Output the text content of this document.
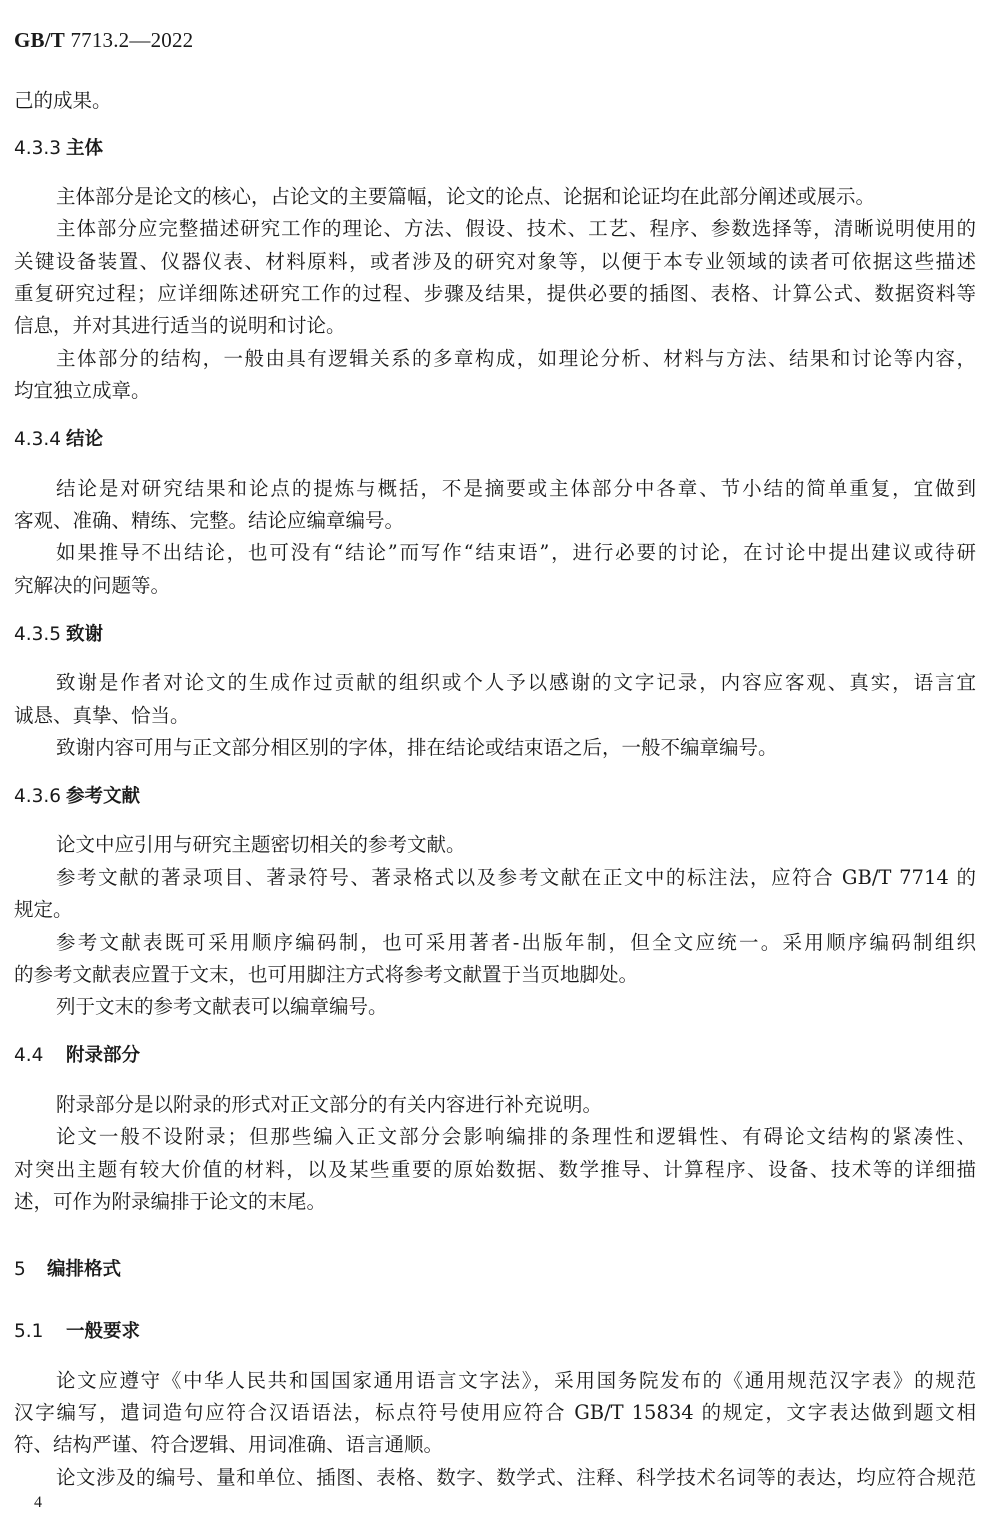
GB/T 7713.2—2022
己的成果。
4.3.3 主体
主体部分是论文的核心，占论文的主要篇幅，论文的论点、论据和论证均在此部分阐述或展示。
主体部分应完整描述研究工作的理论、方法、假设、技术、工艺、程序、参数选择等，清晰说明使用的
关键设备装置、仪器仪表、材料原料，或者涉及的研究对象等，以便于本专业领域的读者可依据这些描述
重复研究过程；应详细陈述研究工作的过程、步骤及结果，提供必要的插图、表格、计算公式、数据资料等
信息，并对其进行适当的说明和讨论。
主体部分的结构，一般由具有逻辑关系的多章构成，如理论分析、材料与方法、结果和讨论等内容，
均宜独立成章。
4.3.4 结论
结论是对研究结果和论点的提炼与概括，不是摘要或主体部分中各章、节小结的简单重复，宜做到
客观、准确、精练、完整。结论应编章编号。
如果推导不出结论，也可没有“结论”而写作“结束语”，进行必要的讨论，在讨论中提出建议或待研
究解决的问题等。
4.3.5 致谢
致谢是作者对论文的生成作过贡献的组织或个人予以感谢的文字记录，内容应客观、真实，语言宜
诚恳、真挚、恰当。
致谢内容可用与正文部分相区别的字体，排在结论或结束语之后，一般不编章编号。
4.3.6 参考文献
论文中应引用与研究主题密切相关的参考文献。
参考文献的著录项目、著录符号、著录格式以及参考文献在正文中的标注法，应符合 GB/T 7714 的
规定。
参考文献表既可采用顺序编码制，也可采用著者-出版年制，但全文应统一。采用顺序编码制组织
的参考文献表应置于文末，也可用脚注方式将参考文献置于当页地脚处。
列于文末的参考文献表可以编章编号。
4.4 附录部分
附录部分是以附录的形式对正文部分的有关内容进行补充说明。
论文一般不设附录；但那些编入正文部分会影响编排的条理性和逻辑性、有碍论文结构的紧凑性、
对突出主题有较大价值的材料，以及某些重要的原始数据、数学推导、计算程序、设备、技术等的详细描
述，可作为附录编排于论文的末尾。
5 编排格式
5.1 一般要求
论文应遵守《中华人民共和国国家通用语言文字法》，采用国务院发布的《通用规范汉字表》的规范
汉字编写，遣词造句应符合汉语语法，标点符号使用应符合 GB/T 15834 的规定，文字表达做到题文相
符、结构严谨、符合逻辑、用词准确、语言通顺。
论文涉及的编号、量和单位、插图、表格、数字、数学式、注释、科学技术名词等的表达，均应符合规范
4
